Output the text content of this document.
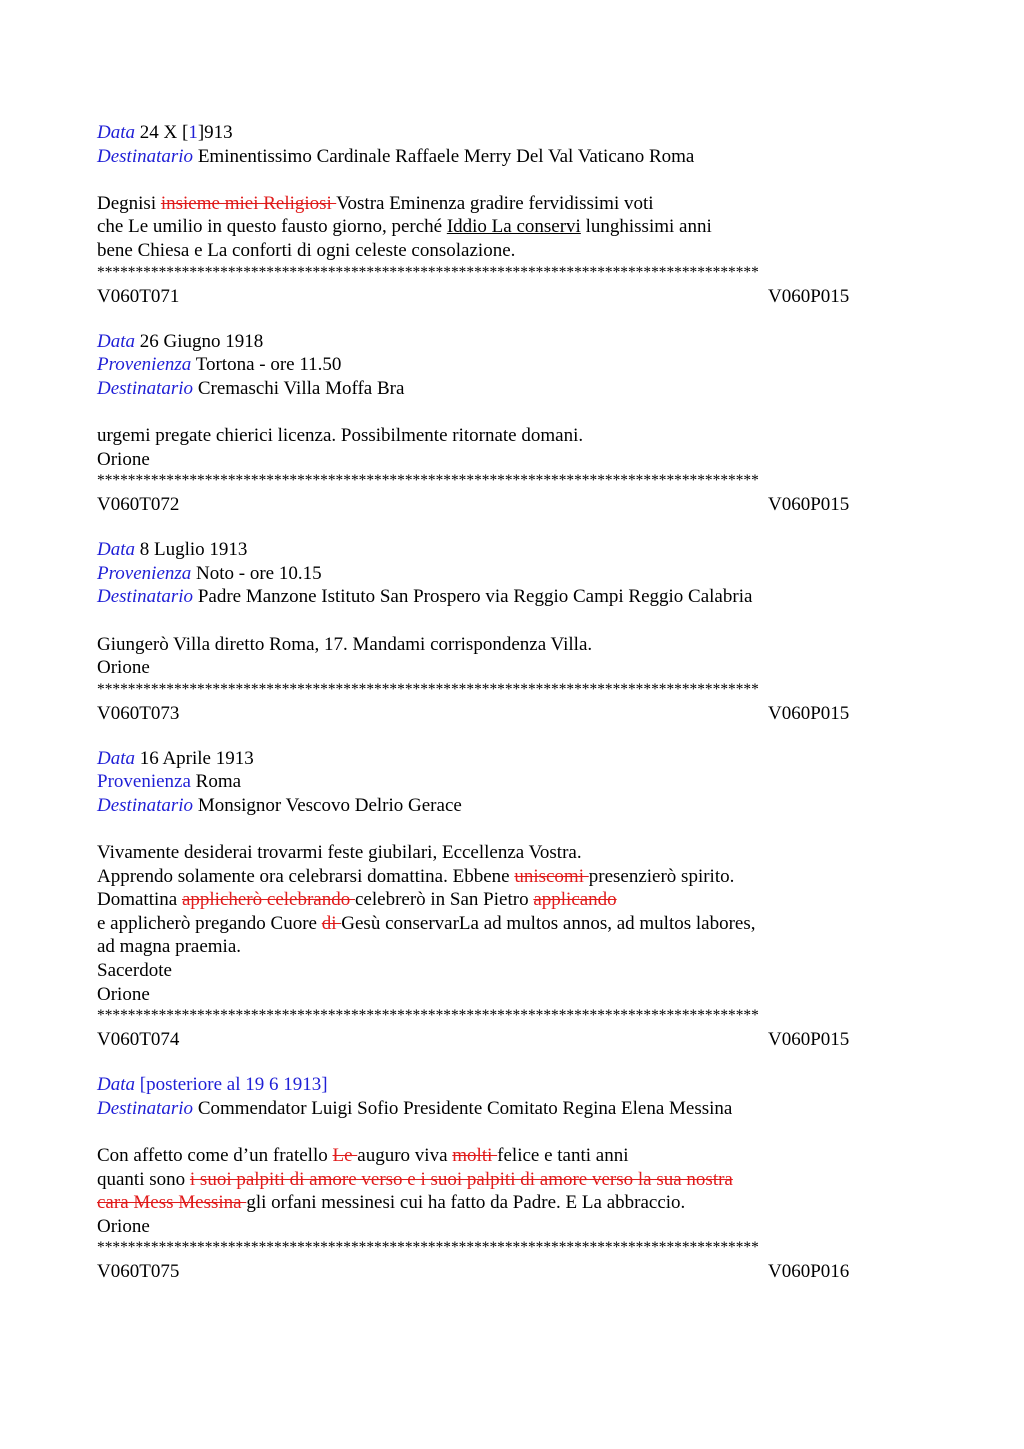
Data 24 X [1]913
Destinatario Eminentissimo Cardinale Raffaele Merry Del Val Vaticano Roma
Degnisi insieme miei Religiosi Vostra Eminenza gradire fervidissimi voti
che Le umilio in questo fausto giorno, perché Iddio La conservi lunghissimi anni
bene Chiesa e La conforti di ogni celeste consolazione.
**************************************************************************************
V060T071	V060P015
Data 26 Giugno 1918
Provenienza Tortona - ore 11.50
Destinatario Cremaschi Villa Moffa Bra
urgemi pregate chierici licenza. Possibilmente ritornate domani.
Orione
**************************************************************************************
V060T072	V060P015
Data 8 Luglio 1913
Provenienza Noto - ore 10.15
Destinatario Padre Manzone Istituto San Prospero via Reggio Campi Reggio Calabria
Giungerò Villa diretto Roma, 17. Mandami corrispondenza Villa.
Orione
**************************************************************************************
V060T073	V060P015
Data 16 Aprile 1913
Provenienza Roma
Destinatario Monsignor Vescovo Delrio Gerace
Vivamente desiderai trovarmi feste giubilari, Eccellenza Vostra.
Apprendo solamente ora celebrarsi domattina. Ebbene uniscomi presenzierò spirito.
Domattina applicherò celebrando celebrerò in San Pietro applicando
e applicherò pregando Cuore di Gesù conservarLa ad multos annos, ad multos labores,
ad magna praemia.
Sacerdote
Orione
**************************************************************************************
V060T074	V060P015
Data [posteriore al 19 6 1913]
Destinatario Commendator Luigi Sofio Presidente Comitato Regina Elena Messina
Con affetto come d’un fratello Le auguro viva molti felice e tanti anni
quanti sono i suoi palpiti di amore verso e i suoi palpiti di amore verso la sua nostra
cara Mess Messina gli orfani messinesi cui ha fatto da Padre. E La abbraccio.
Orione
**************************************************************************************
V060T075	V060P016
